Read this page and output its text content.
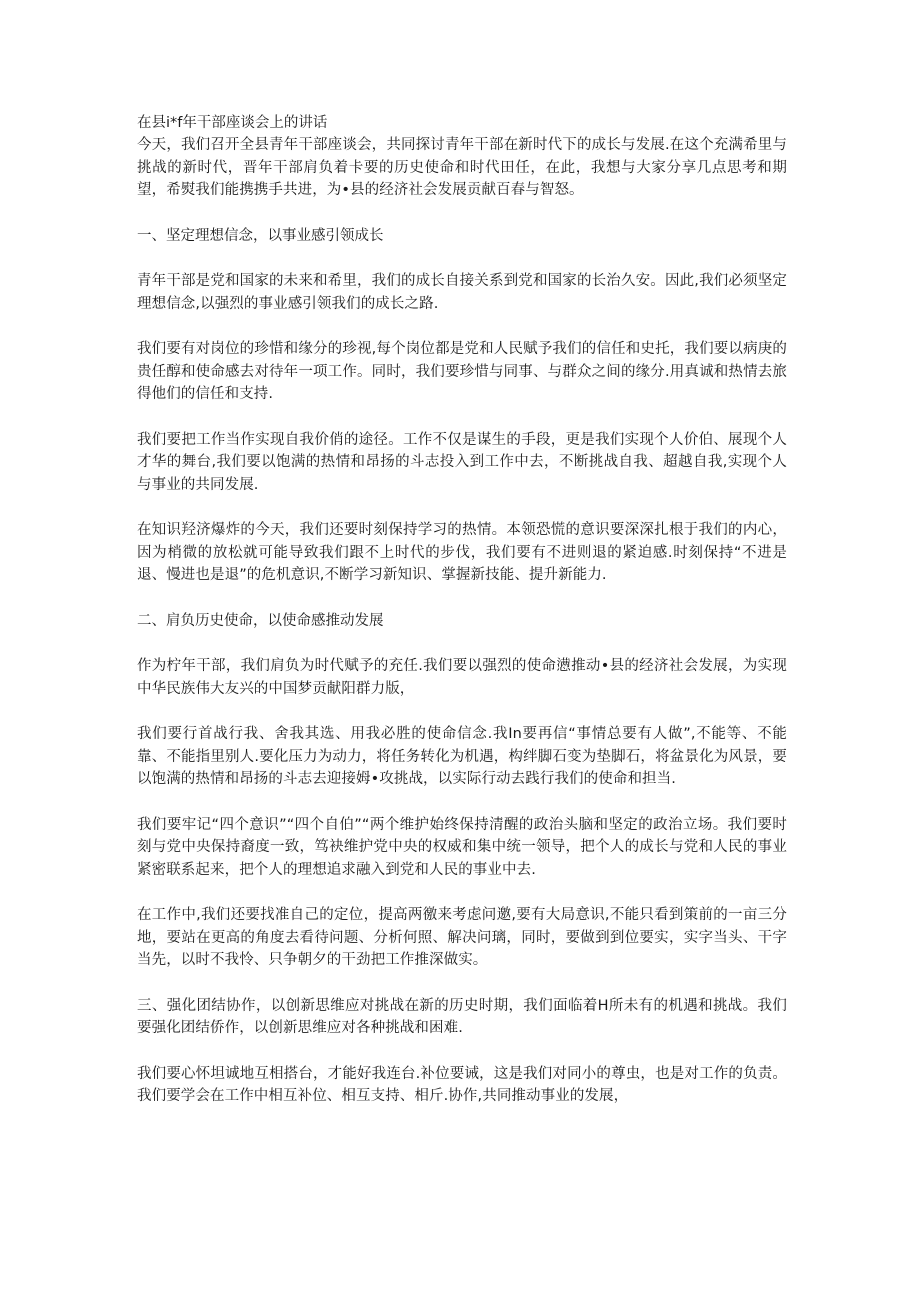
在县i*f年干部座谈会上的讲话

今天，我们召开全县青年干部座谈会，共同探讨青年干部在新时代下的成长与发展.在这个充满希里与挑战的新时代，晋年干部肩负着卡要的历史使命和时代田任，在此，我想与大家分享几点思考和期望，希熨我们能携携手共进，为•县的经济社会发展贡献百春与智怒。

一、坚定理想信念，以事业感引领成长

青年干部是党和国家的未来和希里，我们的成长自接关系到党和国家的长治久安。因此,我们必须坚定理想信念,以强烈的事业感引领我们的成长之路.

我们要有对岗位的珍惜和缘分的珍视,每个岗位都是党和人民赋予我们的信任和史托，我们要以病庚的贵任醇和使命感去对待年一项工作。同时，我们要珍惜与同事、与群众之间的缘分.用真诚和热情去旅得他们的信任和支持.

我们要把工作当作实现自我价俏的途径。工作不仅是谋生的手段，更是我们实现个人价伯、展现个人才华的舞台,我们要以饱满的热情和昂扬的斗志投入到工作中去，不断挑战自我、超越自我,实现个人与事业的共同发展.

在知识羟济爆炸的今天，我们还要时刻保持学习的热情。本领恐慌的意识要深深扎根于我们的内心，因为梢微的放松就可能导致我们跟不上时代的步伐，我们要有不进则退的紧迫感.时刻保持“不进是退、慢进也是退”的危机意识,不断学习新知识、掌握新技能、提升新能力.

二、肩负历史使命，以使命感推动发展

作为柠年干部，我们肩负为时代赋予的充任.我们要以强烈的使命懑推动•县的经济社会发展，为实现中华民族伟大友兴的中国梦贡献阳群力版，

我们要行首战行我、舍我其选、用我必胜的使命信念.我In要再信“事情总要有人做”,不能等、不能靠、不能指里别人.要化压力为动力，将任务转化为机遇，构绊脚石变为垫脚石，将盆景化为风景，要以饱满的热情和昂扬的斗志去迎接姆•攻挑战，以实际行动去践行我们的使命和担当.

我们要牢记“四个意识”“四个自伯”“两个维护始终保持清醒的政治头脑和坚定的政治立场。我们要时刻与党中央保持裔度一致，笃袂维护党中央的权威和集中统一领导，把个人的成长与党和人民的事业紧密联系起来，把个人的理想追求融入到党和人民的事业中去.

在工作中,我们还要找准自己的定位，提高两徼来考虑问邀,要有大局意识,不能只看到策前的一亩三分地，要站在更高的角度去看待问题、分析何照、解决问璃，同时，要做到到位要实，实字当头、干字当先，以时不我怜、只争朝夕的干劲把工作推深做实。

三、强化团结协作，以创新思维应对挑战在新的历史时期，我们面临着H所未有的机遇和挑战。我们要强化团结侨作，以创新思维应对各种挑战和困难.

我们要心怀坦诚地互相搭台，才能好我连台.补位要诫，这是我们对同小的尊虫，也是对工作的负责。我们要学会在工作中相互补位、相互支持、相斤.协作,共同推动事业的发展，
